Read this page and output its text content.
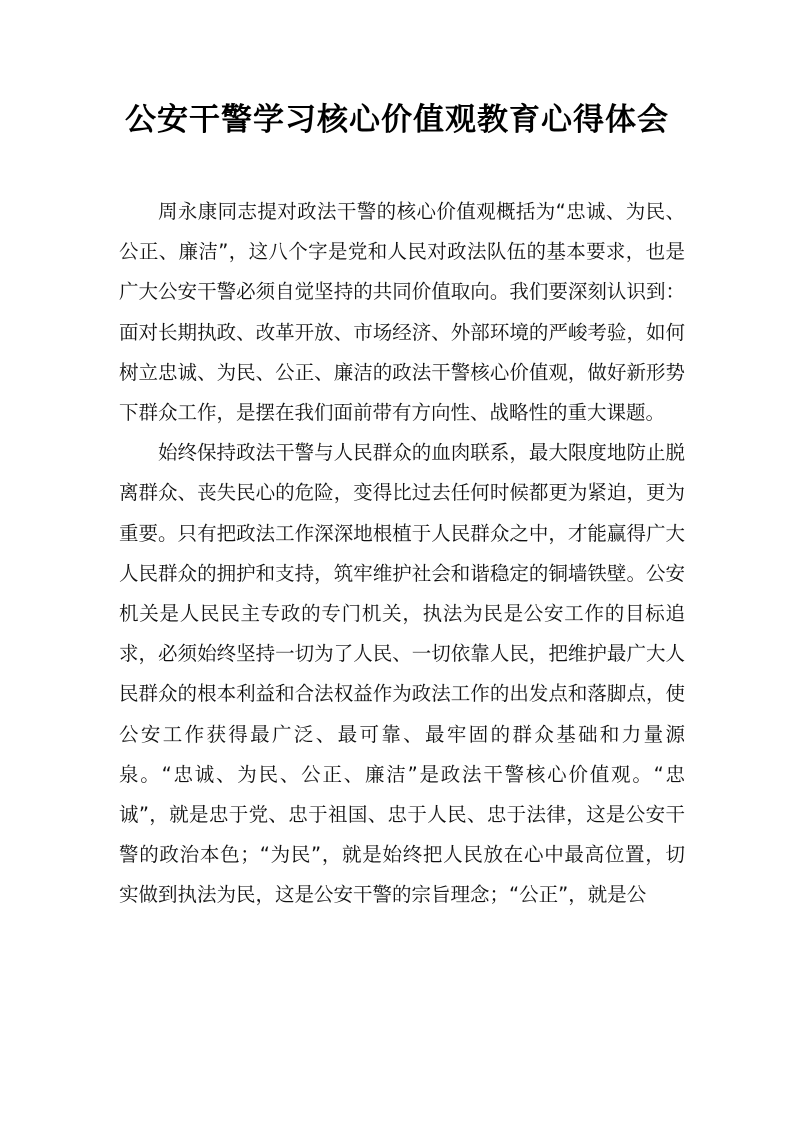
公安干警学习核心价值观教育心得体会

周永康同志提对政法干警的核心价值观概括为“忠诚、为民、公正、廉洁”，这八个字是党和人民对政法队伍的基本要求，也是广大公安干警必须自觉坚持的共同价值取向。我们要深刻认识到：面对长期执政、改革开放、市场经济、外部环境的严峻考验，如何树立忠诚、为民、公正、廉洁的政法干警核心价值观，做好新形势下群众工作，是摆在我们面前带有方向性、战略性的重大课题。

始终保持政法干警与人民群众的血肉联系，最大限度地防止脱离群众、丧失民心的危险，变得比过去任何时候都更为紧迫，更为重要。只有把政法工作深深地根植于人民群众之中，才能赢得广大人民群众的拥护和支持，筑牢维护社会和谐稳定的铜墙铁壁。公安机关是人民民主专政的专门机关，执法为民是公安工作的目标追求，必须始终坚持一切为了人民、一切依靠人民，把维护最广大人民群众的根本利益和合法权益作为政法工作的出发点和落脚点，使公安工作获得最广泛、最可靠、最牢固的群众基础和力量源泉。“忠诚、为民、公正、廉洁”是政法干警核心价值观。“忠诚”，就是忠于党、忠于祖国、忠于人民、忠于法律，这是公安干警的政治本色；“为民”，就是始终把人民放在心中最高位置，切实做到执法为民，这是公安干警的宗旨理念；“公正”，就是公
